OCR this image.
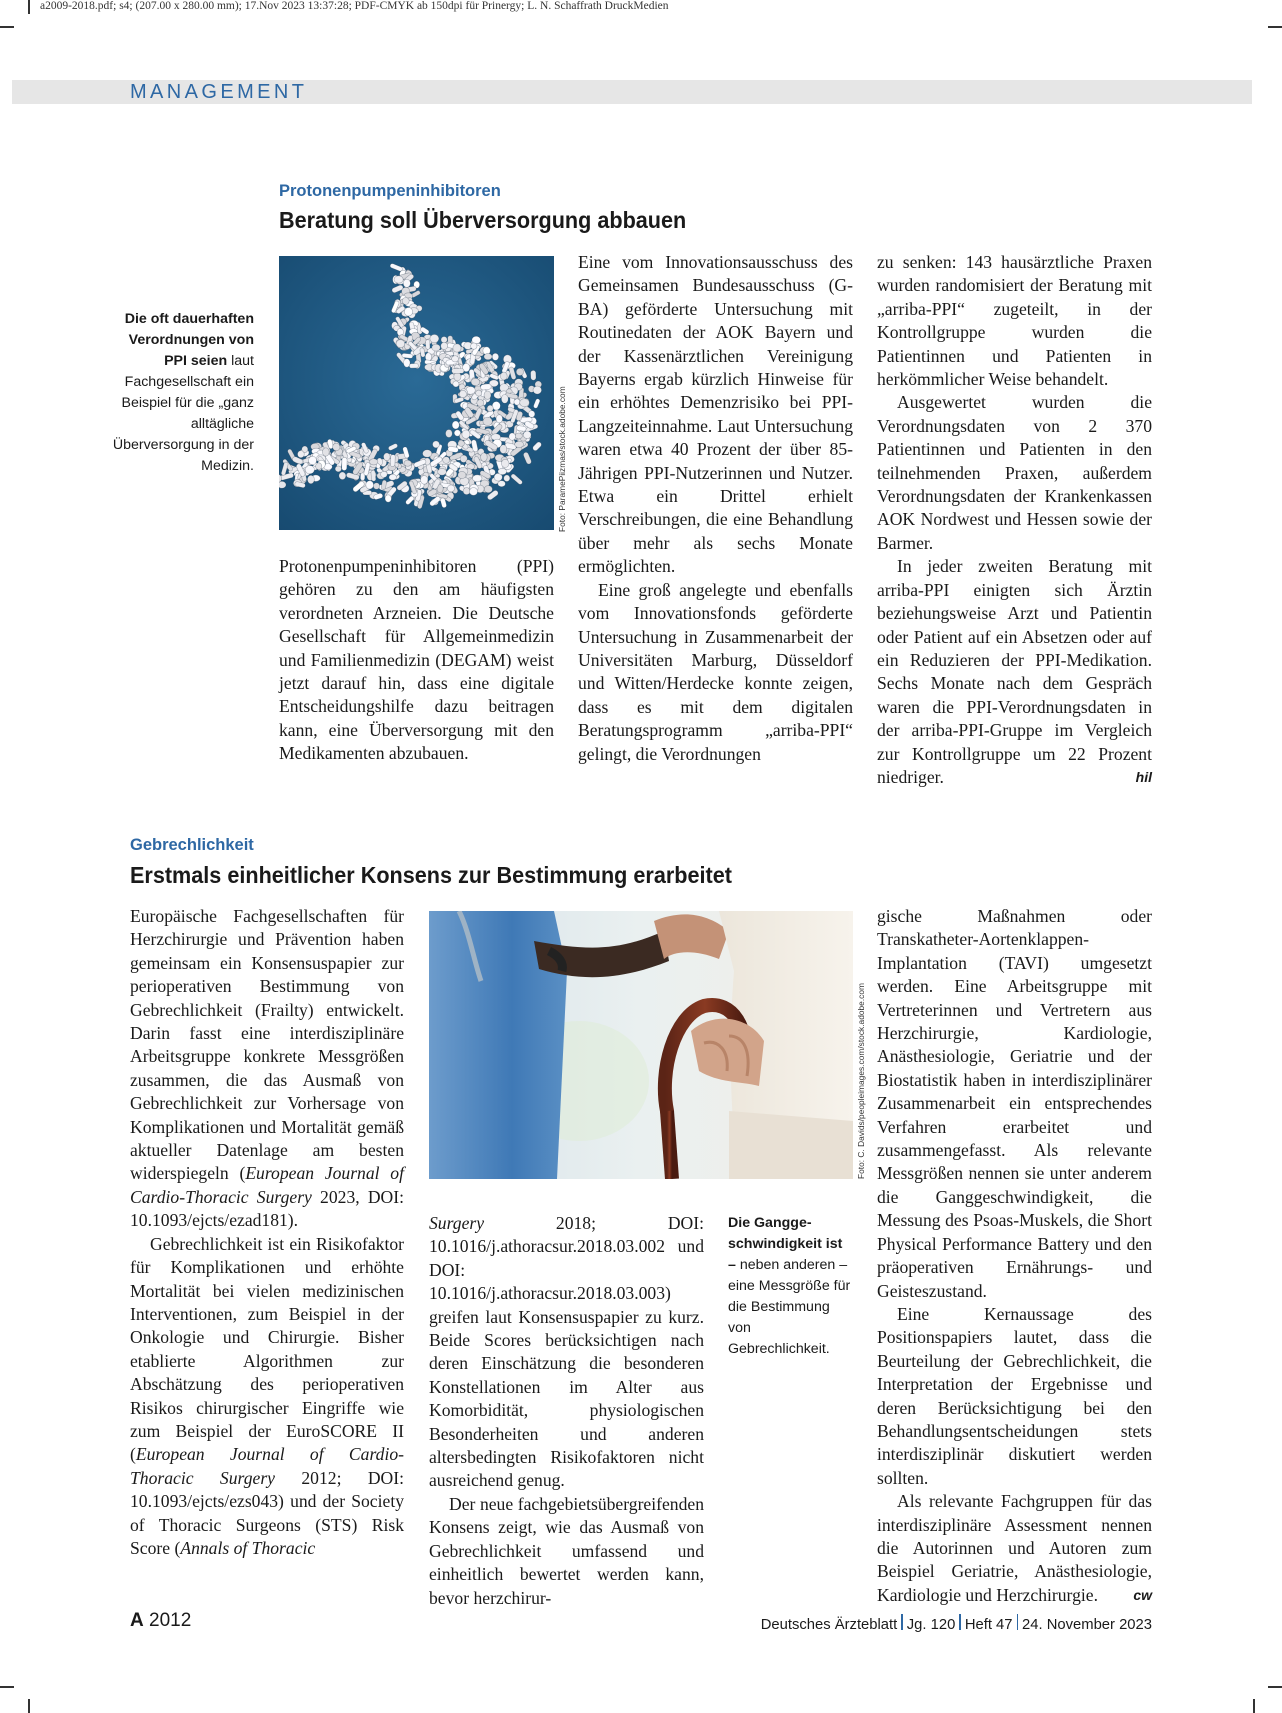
a2009-2018.pdf; s4; (207.00 x 280.00 mm); 17.Nov 2023 13:37:28; PDF-CMYK ab 150dpi für Prinergy; L. N. Schaffrath DruckMedien
MANAGEMENT
Protonenpumpeninhibitoren
Beratung soll Überversorgung abbauen
Die oft dauerhaften Verordnungen von PPI seien laut Fachgesellschaft ein Beispiel für die „ganz alltägliche Überversorgung in der Medizin.	Foto: ParamePiizmas/stock.adobe.com

Protonenpumpeninhibitoren (PPI) gehören zu den am häufigsten verordneten Arzneien. Die Deutsche Gesellschaft für Allgemeinmedizin und Familienmedizin (DEGAM) weist jetzt darauf hin, dass eine digitale Entscheidungshilfe dazu beitragen kann, eine Überversorgung mit den Medikamenten abzubauen.

Eine vom Innovationsausschuss des Gemeinsamen Bundesausschuss (G-BA) geförderte Untersuchung mit Routinedaten der AOK Bayern und der Kassenärztlichen Vereinigung Bayerns ergab kürzlich Hinweise für ein erhöhtes Demenzrisiko bei PPI-Langzeiteinnahme. Laut Untersuchung waren etwa 40 Prozent der über 85-Jährigen PPI-Nutzerinnen und Nutzer. Etwa ein Drittel erhielt Verschreibungen, die eine Behandlung über mehr als sechs Monate ermöglichten.

Eine groß angelegte und ebenfalls vom Innovationsfonds geförderte Untersuchung in Zusammenarbeit der Universitäten Marburg, Düsseldorf und Witten/Herdecke konnte zeigen, dass es mit dem digitalen Beratungsprogramm „arriba-PPI“ gelingt, die Verordnungen

zu senken: 143 hausärztliche Praxen wurden randomisiert der Beratung mit „arriba-PPI“ zugeteilt, in der Kontrollgruppe wurden die Patientinnen und Patienten in herkömmlicher Weise behandelt.

Ausgewertet wurden die Verordnungsdaten von 2 370 Patientinnen und Patienten in den teilnehmenden Praxen, außerdem Verordnungsdaten der Krankenkassen AOK Nordwest und Hessen sowie der Barmer.

In jeder zweiten Beratung mit arriba-PPI einigten sich Ärztin beziehungsweise Arzt und Patientin oder Patient auf ein Absetzen oder auf ein Reduzieren der PPI-Medikation. Sechs Monate nach dem Gespräch waren die PPI-Verordnungsdaten in der arriba-PPI-Gruppe im Vergleich zur Kontrollgruppe um 22 Prozent niedriger.	hil

Gebrechlichkeit
Erstmals einheitlicher Konsens zur Bestimmung erarbeitet

Europäische Fachgesellschaften für Herzchirurgie und Prävention haben gemeinsam ein Konsensuspapier zur perioperativen Bestimmung von Gebrechlichkeit (Frailty) entwickelt. Darin fasst eine interdisziplinäre Arbeitsgruppe konkrete Messgrößen zusammen, die das Ausmaß von Gebrechlichkeit zur Vorhersage von Komplikationen und Mortalität gemäß aktueller Datenlage am besten widerspiegeln (European Journal of Cardio-Thoracic Surgery 2023, DOI: 10.1093/ejcts/ezad181).

Gebrechlichkeit ist ein Risikofaktor für Komplikationen und erhöhte Mortalität bei vielen medizinischen Interventionen, zum Beispiel in der Onkologie und Chirurgie. Bisher etablierte Algorithmen zur Abschätzung des perioperativen Risikos chirurgischer Eingriffe wie zum Beispiel der EuroSCORE II (European Journal of Cardio-Thoracic Surgery 2012; DOI: 10.1093/ejcts/ezs043) und der Society of Thoracic Surgeons (STS) Risk Score (Annals of Thoracic

Foto: C. Davids/peopleimages.com/stock.adobe.com

Surgery 2018; DOI: 10.1016/j.athoracsur.2018.03.002 und DOI: 10.1016/j.athoracsur.2018.03.003) greifen laut Konsensuspapier zu kurz. Beide Scores berücksichtigen nach deren Einschätzung die besonderen Konstellationen im Alter aus Komorbidität, physiologischen Besonderheiten und anderen altersbedingten Risikofaktoren nicht ausreichend genug.

Der neue fachgebietsübergreifenden Konsens zeigt, wie das Ausmaß von Gebrechlichkeit umfassend und einheitlich bewertet werden kann, bevor herzchirur-

Die Ganggeschwindigkeit ist – neben anderen – eine Messgröße für die Bestimmung von Gebrechlichkeit.

gische Maßnahmen oder Transkatheter-Aortenklappen-Implantation (TAVI) umgesetzt werden. Eine Arbeitsgruppe mit Vertreterinnen und Vertretern aus Herzchirurgie, Kardiologie, Anästhesiologie, Geriatrie und der Biostatistik haben in interdisziplinärer Zusammenarbeit ein entsprechendes Verfahren erarbeitet und zusammengefasst. Als relevante Messgrößen nennen sie unter anderem die Ganggeschwindigkeit, die Messung des Psoas-Muskels, die Short Physical Performance Battery und den präoperativen Ernährungs- und Geisteszustand.

Eine Kernaussage des Positionspapiers lautet, dass die Beurteilung der Gebrechlichkeit, die Interpretation der Ergebnisse und deren Berücksichtigung bei den Behandlungsentscheidungen stets interdisziplinär diskutiert werden sollten.

Als relevante Fachgruppen für das interdisziplinäre Assessment nennen die Autorinnen und Autoren zum Beispiel Geriatrie, Anästhesiologie, Kardiologie und Herzchirurgie.	cw

A 2012	Deutsches Ärzteblatt Jg. 120 Heft 47 24. November 2023
